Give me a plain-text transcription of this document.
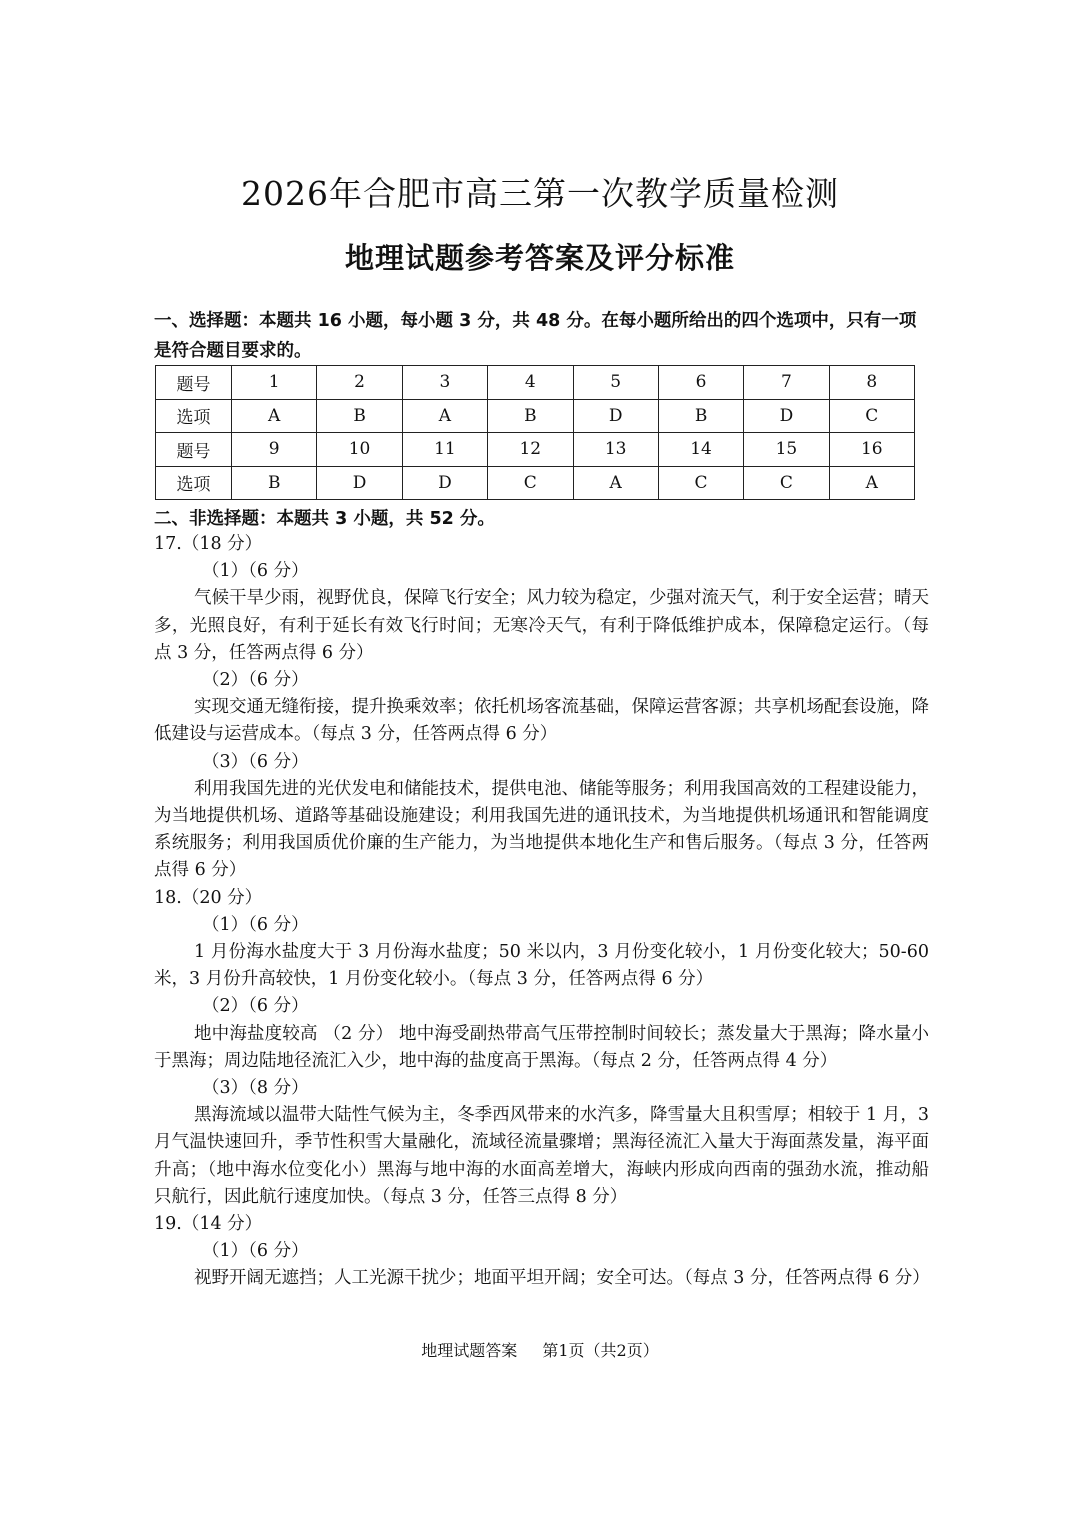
2026年合肥市高三第一次教学质量检测
地理试题参考答案及评分标准
一、选择题：本题共 16 小题，每小题 3 分，共 48 分。在每小题所给出的四个选项中，只有一项是符合题目要求的。
题号	1	2	3	4	5	6	7	8
选项	A	B	A	B	D	B	D	C
题号	9	10	11	12	13	14	15	16
选项	B	D	D	C	A	C	C	A
二、非选择题：本题共 3 小题，共 52 分。
17.（18 分）
（1）（6 分）
气候干旱少雨，视野优良，保障飞行安全；风力较为稳定，少强对流天气，利于安全运营；晴天多，光照良好，有利于延长有效飞行时间；无寒冷天气，有利于降低维护成本，保障稳定运行。（每点 3 分，任答两点得 6 分）
（2）（6 分）
实现交通无缝衔接，提升换乘效率；依托机场客流基础，保障运营客源；共享机场配套设施，降低建设与运营成本。（每点 3 分，任答两点得 6 分）
（3）（6 分）
利用我国先进的光伏发电和储能技术，提供电池、储能等服务；利用我国高效的工程建设能力，为当地提供机场、道路等基础设施建设；利用我国先进的通讯技术，为当地提供机场通讯和智能调度系统服务；利用我国质优价廉的生产能力，为当地提供本地化生产和售后服务。（每点 3 分，任答两点得 6 分）
18.（20 分）
（1）（6 分）
1 月份海水盐度大于 3 月份海水盐度；50 米以内，3 月份变化较小，1 月份变化较大；50-60 米，3 月份升高较快，1 月份变化较小。（每点 3 分，任答两点得 6 分）
（2）（6 分）
地中海盐度较高 （2 分） 地中海受副热带高气压带控制时间较长；蒸发量大于黑海；降水量小于黑海；周边陆地径流汇入少，地中海的盐度高于黑海。（每点 2 分，任答两点得 4 分）
（3）（8 分）
黑海流域以温带大陆性气候为主，冬季西风带来的水汽多，降雪量大且积雪厚；相较于 1 月，3 月气温快速回升，季节性积雪大量融化，流域径流量骤增；黑海径流汇入量大于海面蒸发量，海平面升高；（地中海水位变化小）黑海与地中海的水面高差增大，海峡内形成向西南的强劲水流，推动船只航行，因此航行速度加快。（每点 3 分，任答三点得 8 分）
19.（14 分）
（1）（6 分）
视野开阔无遮挡；人工光源干扰少；地面平坦开阔；安全可达。（每点 3 分，任答两点得 6 分）
地理试题答案 第1页（共2页）
